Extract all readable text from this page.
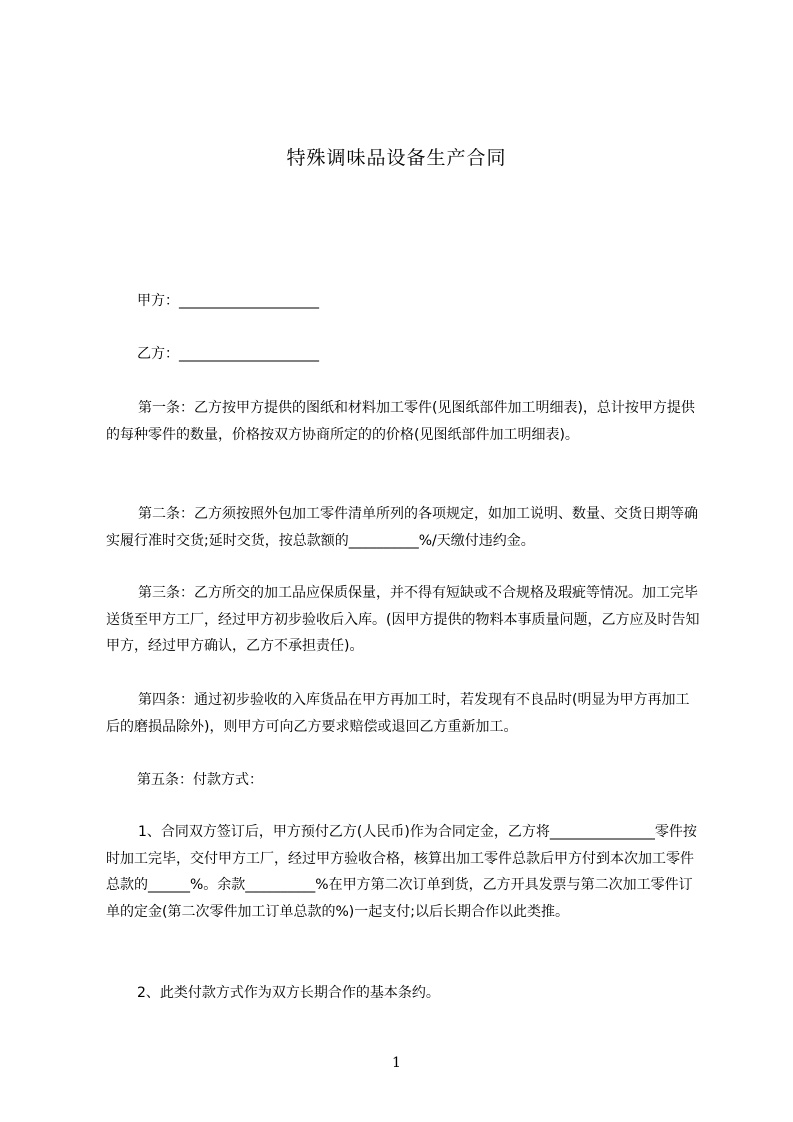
特殊调味品设备生产合同
甲方：____________________
乙方：____________________
第一条：乙方按甲方提供的图纸和材料加工零件(见图纸部件加工明细表)，总计按甲方提供的每种零件的数量，价格按双方协商所定的的价格(见图纸部件加工明细表)。
第二条：乙方须按照外包加工零件清单所列的各项规定，如加工说明、数量、交货日期等确实履行准时交货;延时交货，按总款额的__________%/天缴付违约金。
第三条：乙方所交的加工品应保质保量，并不得有短缺或不合规格及瑕疵等情况。加工完毕送货至甲方工厂，经过甲方初步验收后入库。(因甲方提供的物料本事质量问题，乙方应及时告知甲方，经过甲方确认，乙方不承担责任)。
第四条：通过初步验收的入库货品在甲方再加工时，若发现有不良品时(明显为甲方再加工后的磨损品除外)，则甲方可向乙方要求赔偿或退回乙方重新加工。
第五条：付款方式：
1、合同双方签订后，甲方预付乙方(人民币)作为合同定金，乙方将_______________零件按时加工完毕，交付甲方工厂，经过甲方验收合格，核算出加工零件总款后甲方付到本次加工零件总款的______%。余款__________%在甲方第二次订单到货，乙方开具发票与第二次加工零件订单的定金(第二次零件加工订单总款的%)一起支付;以后长期合作以此类推。
2、此类付款方式作为双方长期合作的基本条约。
1
